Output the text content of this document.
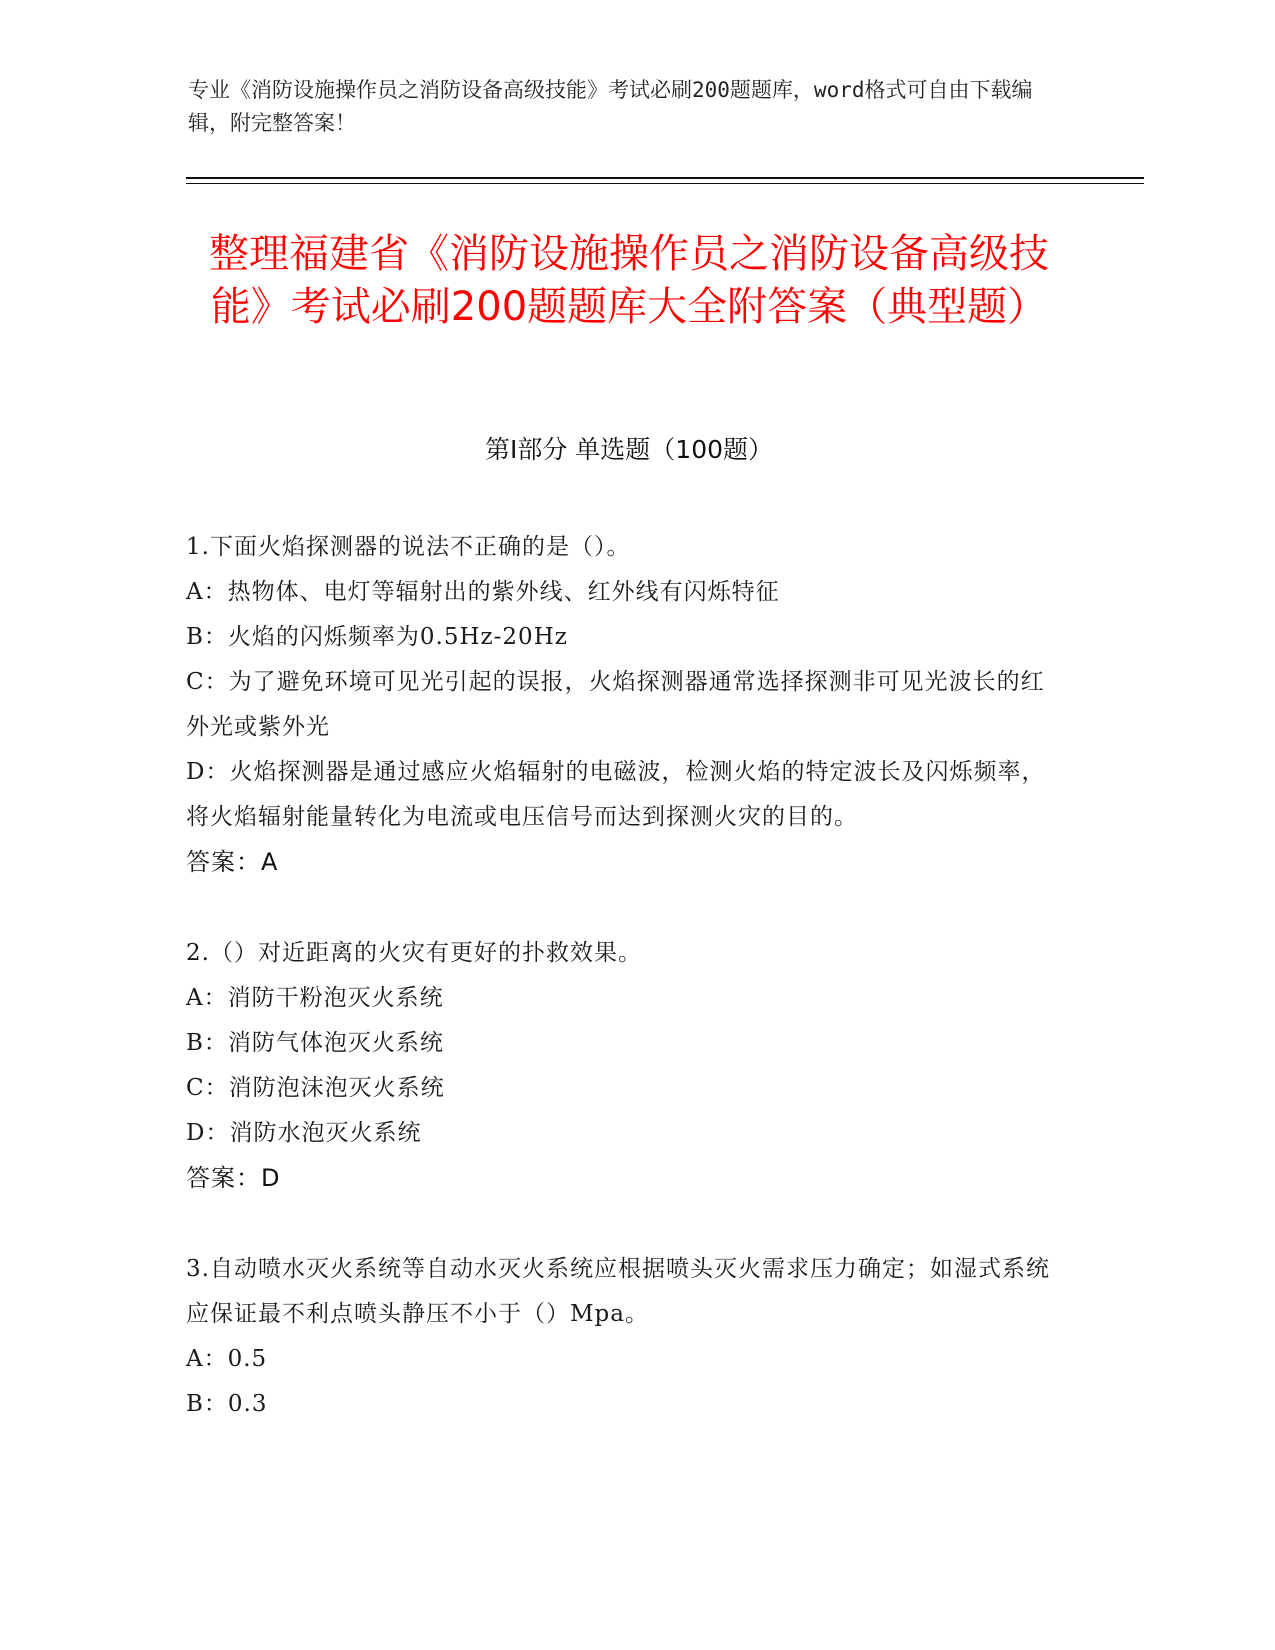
专业《消防设施操作员之消防设备高级技能》考试必刷200题题库，word格式可自由下载编辑，附完整答案！
整理福建省《消防设施操作员之消防设备高级技能》考试必刷200题题库大全附答案（典型题）
第I部分 单选题（100题）
1.下面火焰探测器的说法不正确的是（）。
A：热物体、电灯等辐射出的紫外线、红外线有闪烁特征
B：火焰的闪烁频率为0.5Hz-20Hz
C：为了避免环境可见光引起的误报，火焰探测器通常选择探测非可见光波长的红外光或紫外光
D：火焰探测器是通过感应火焰辐射的电磁波，检测火焰的特定波长及闪烁频率，将火焰辐射能量转化为电流或电压信号而达到探测火灾的目的。
答案：A
2.（）对近距离的火灾有更好的扑救效果。
A：消防干粉泡灭火系统
B：消防气体泡灭火系统
C：消防泡沫泡灭火系统
D：消防水泡灭火系统
答案：D
3.自动喷水灭火系统等自动水灭火系统应根据喷头灭火需求压力确定；如湿式系统应保证最不利点喷头静压不小于（）Mpa。
A：0.5
B：0.3
